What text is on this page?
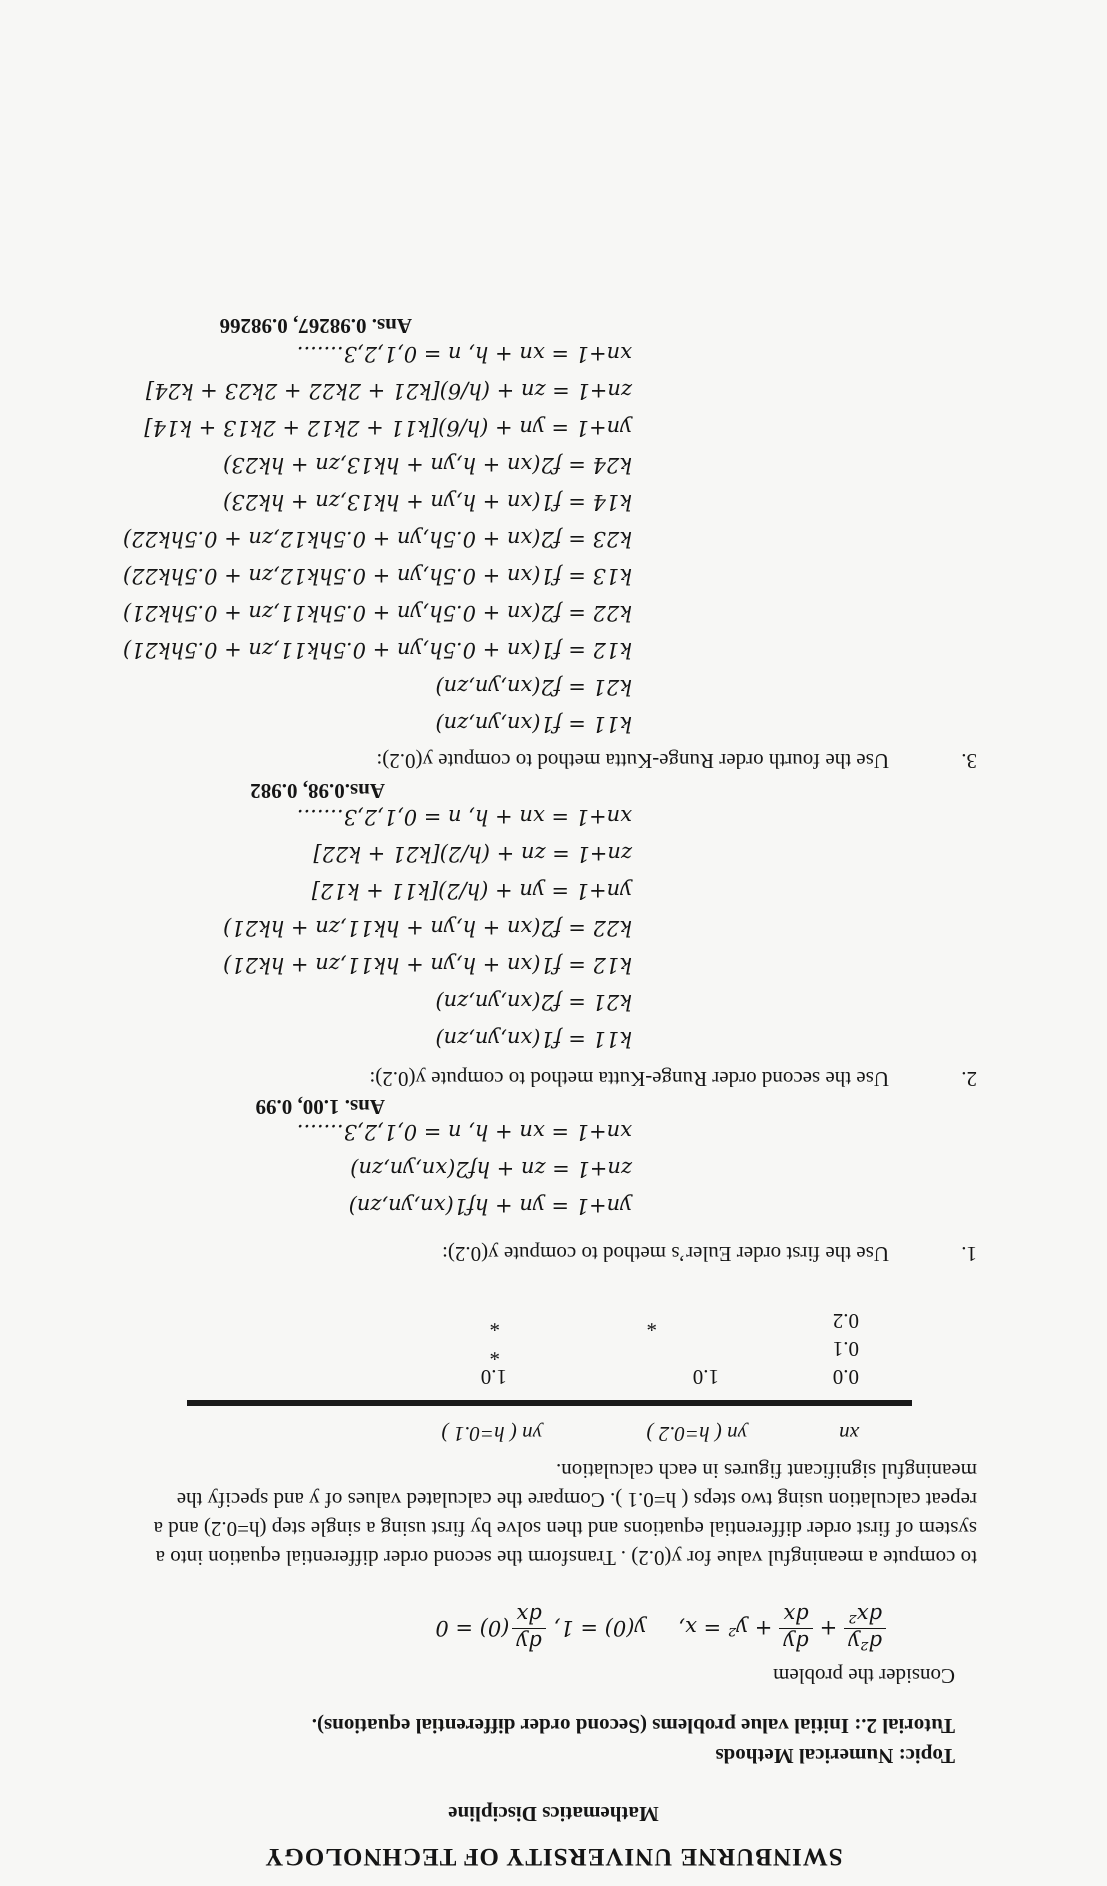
SWINBURNE UNIVERSITY OF TECHNOLOGY
Mathematics Discipline
Topic: Numerical Methods
Tutorial 2.: Initial value problems (Second order differential equations).
Consider the problem
d²y
dx²
+
dy
dx
+ y² = x,
y(0) = 1,
dy
dx
(0) = 0
to compute a meaningful value for y(0.2) . Transform the second order differential equation into a
system of first order differential equations and then solve by first using a single step (h=0.2) and a
repeat calculation using two steps ( h=0.1 ). Compare the calculated values of y and specify the
meaningful significant figures in each calculation.
xn
yn ( h=0.2 )
yn ( h=0.1 )
0.0
1.0
1.0
0.1
*
0.2
*
*
1.
Use the first order Euler’s method to compute y(0.2):
yn+1 = yn + hf1(xn,yn,zn)
zn+1 = zn + hf2(xn,yn,zn)
xn+1 = xn + h, n = 0,1,2,3.......
Ans. 1.00, 0.99
2.
Use the second order Runge-Kutta method to compute y(0.2):
k11 = f1(xn,yn,zn)
k21 = f2(xn,yn,zn)
k12 = f1(xn + h,yn + hk11,zn + hk21)
k22 = f2(xn + h,yn + hk11,zn + hk21)
yn+1 = yn + (h/2)[k11 + k12]
zn+1 = zn + (h/2)[k21 + k22]
xn+1 = xn + h, n = 0,1,2,3.......
Ans.0.98, 0.982
3.
Use the fourth order Runge-Kutta method to compute y(0.2):
k11 = f1(xn,yn,zn)
k21 = f2(xn,yn,zn)
k12 = f1(xn + 0.5h,yn + 0.5hk11,zn + 0.5hk21)
k22 = f2(xn + 0.5h,yn + 0.5hk11,zn + 0.5hk21)
k13 = f1(xn + 0.5h,yn + 0.5hk12,zn + 0.5hk22)
k23 = f2(xn + 0.5h,yn + 0.5hk12,zn + 0.5hk22)
k14 = f1(xn + h,yn + hk13,zn + hk23)
k24 = f2(xn + h,yn + hk13,zn + hk23)
yn+1 = yn + (h/6)[k11 + 2k12 + 2k13 + k14]
zn+1 = zn + (h/6)[k21 + 2k22 + 2k23 + k24]
xn+1 = xn + h, n = 0,1,2,3.......
Ans. 0.98267, 0.98266
